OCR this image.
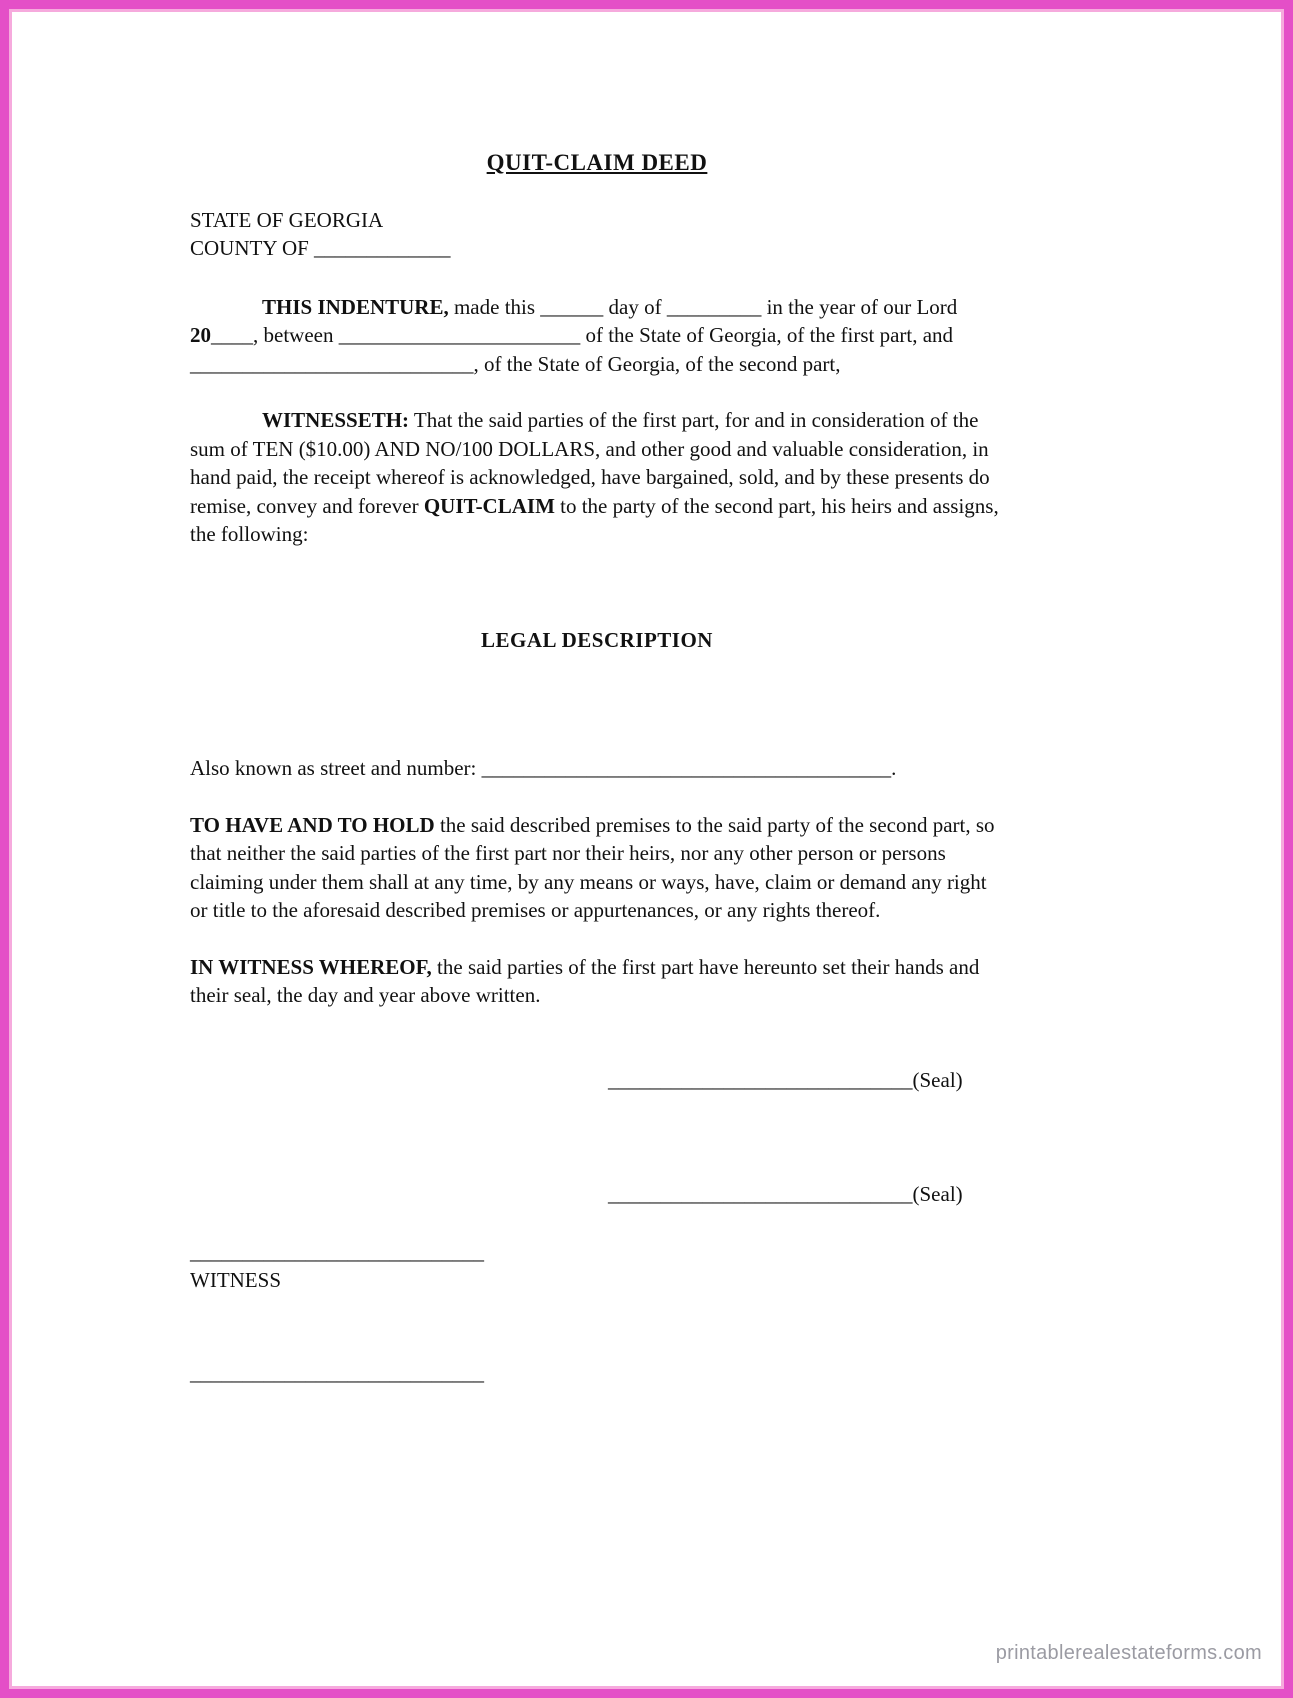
QUIT-CLAIM DEED
STATE OF GEORGIA
COUNTY OF _____________

THIS INDENTURE, made this ______ day of _________ in the year of our Lord 20____, between _______________________ of the State of Georgia, of the first part, and ___________________________, of the State of Georgia, of the second part,

WITNESSETH: That the said parties of the first part, for and in consideration of the sum of TEN ($10.00) AND NO/100 DOLLARS, and other good and valuable consideration, in hand paid, the receipt whereof is acknowledged, have bargained, sold, and by these presents do remise, convey and forever QUIT-CLAIM to the party of the second part, his heirs and assigns, the following:

LEGAL DESCRIPTION

Also known as street and number: _______________________________________.

TO HAVE AND TO HOLD the said described premises to the said party of the second part, so that neither the said parties of the first part nor their heirs, nor any other person or persons claiming under them shall at any time, by any means or ways, have, claim or demand any right or title to the aforesaid described premises or appurtenances, or any rights thereof.

IN WITNESS WHEREOF, the said parties of the first part have hereunto set their hands and their seal, the day and year above written.

_____________________________(Seal)
_____________________________(Seal)
____________________________
WITNESS
____________________________
printablerealestateforms.com
